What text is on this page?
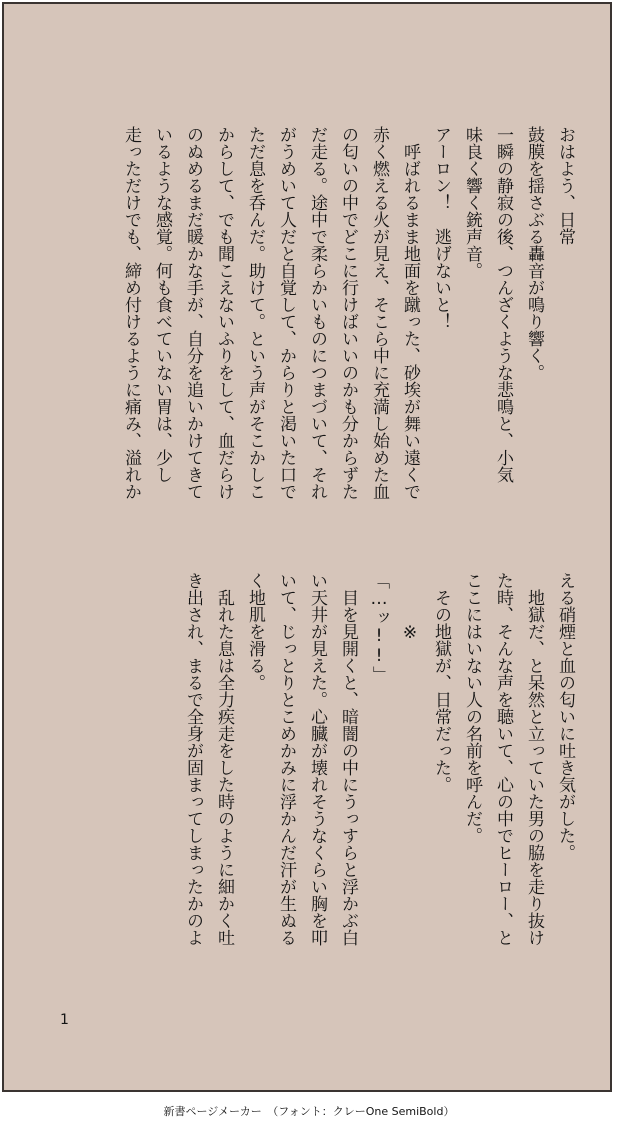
おはよう、日常

鼓膜を揺さぶる轟音が鳴り響く。

一瞬の静寂の後、つんざくような悲鳴と、小気

味良く響く銃声音。

アーロン！　逃げないと！

　呼ばれるまま地面を蹴った、砂埃が舞い遠くで

赤く燃える火が見え、そこら中に充満し始めた血

の匂いの中でどこに行けばいいのかも分からずた

だ走る。途中で柔らかいものにつまづいて、それ

がうめいて人だと自覚して、からりと渇いた口で

ただ息を呑んだ。助けて。という声がそこかしこ

からして、でも聞こえないふりをして、血だらけ

のぬめるまだ暖かな手が、自分を追いかけてきて

いるような感覚。何も食べていない胃は、少し

走っただけでも、締め付けるように痛み、溢れか

える硝煙と血の匂いに吐き気がした。

　地獄だ、と呆然と立っていた男の脇を走り抜け

た時、そんな声を聴いて、心の中でヒーロー、と

ここにはいない人の名前を呼んだ。

　その地獄が、日常だった。

　　　※

「…ッ!!」

　目を見開くと、暗闇の中にうっすらと浮かぶ白

い天井が見えた。心臓が壊れそうなくらい胸を叩

いて、じっとりとこめかみに浮かんだ汗が生ぬる

く地肌を滑る。

　乱れた息は全力疾走をした時のように細かく吐

き出され、まるで全身が固まってしまったかのよ

1
新書ページメーカー　（フォント：クレーOne SemiBold）
